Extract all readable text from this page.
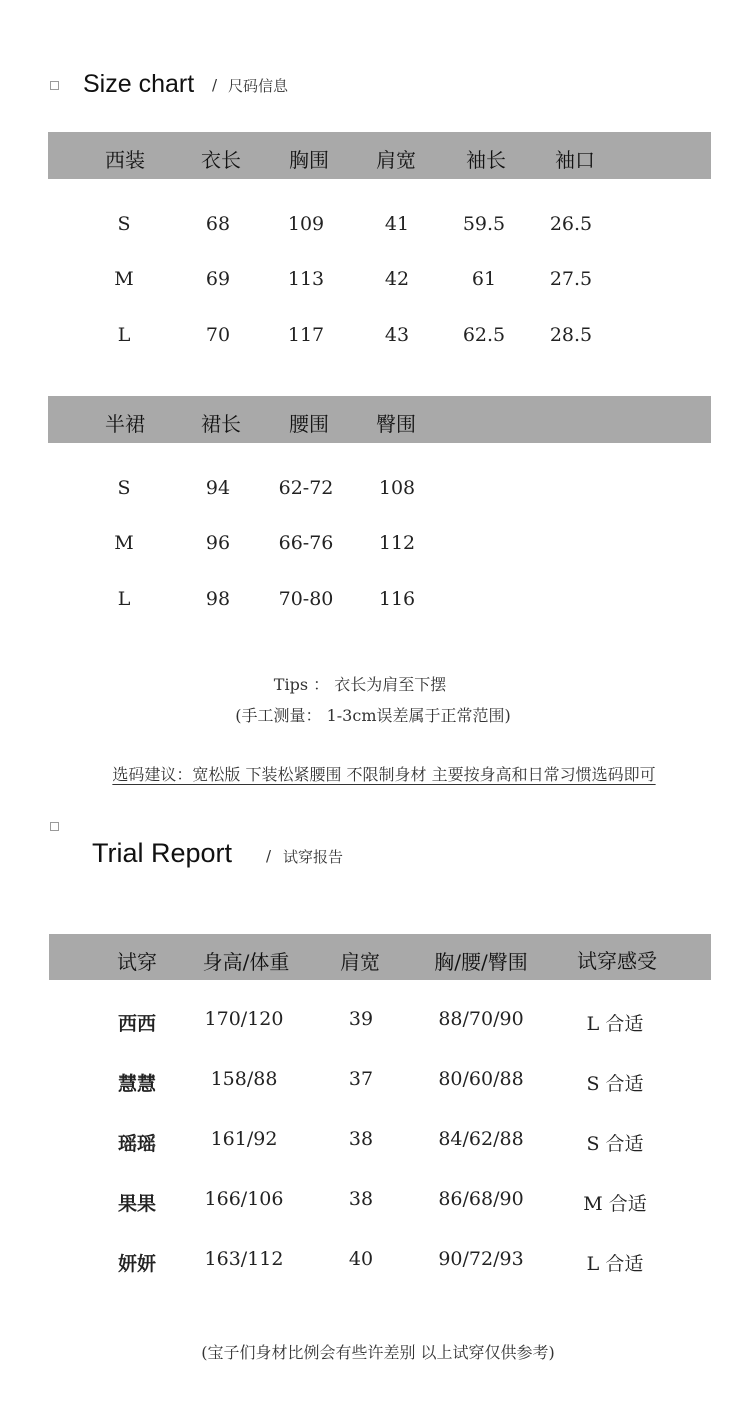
Size chart / 尺码信息
西装	衣长 胸围 肩宽	袖长 袖口
S	68	109	41	59.5 26.5
M	69	113	42	61	27.5
L	70	117	43	62.5 28.5
半裙	裙长 腰围 臀围
S	94	62-72 108
M	96	66-76 112
L	98	70-80 116
Tips ： 衣长为肩至下摆
(手工测量： 1-3cm误差属于正常范围)
选码建议：宽松版 下装松紧腰围 不限制身材 主要按身高和日常习惯选码即可
Trial Report / 试穿报告
试穿 身高/体重	肩宽	胸/腰/臀围 试穿感受
西西	170/120	39	88/70/90	L 合适
慧慧	158/88	37	80/60/88	S 合适
瑶瑶	161/92	38	84/62/88	S 合适
果果	166/106	38	86/68/90	M 合适
妍妍	163/112	40	90/72/93	L 合适
(宝子们身材比例会有些许差别 以上试穿仅供参考)
